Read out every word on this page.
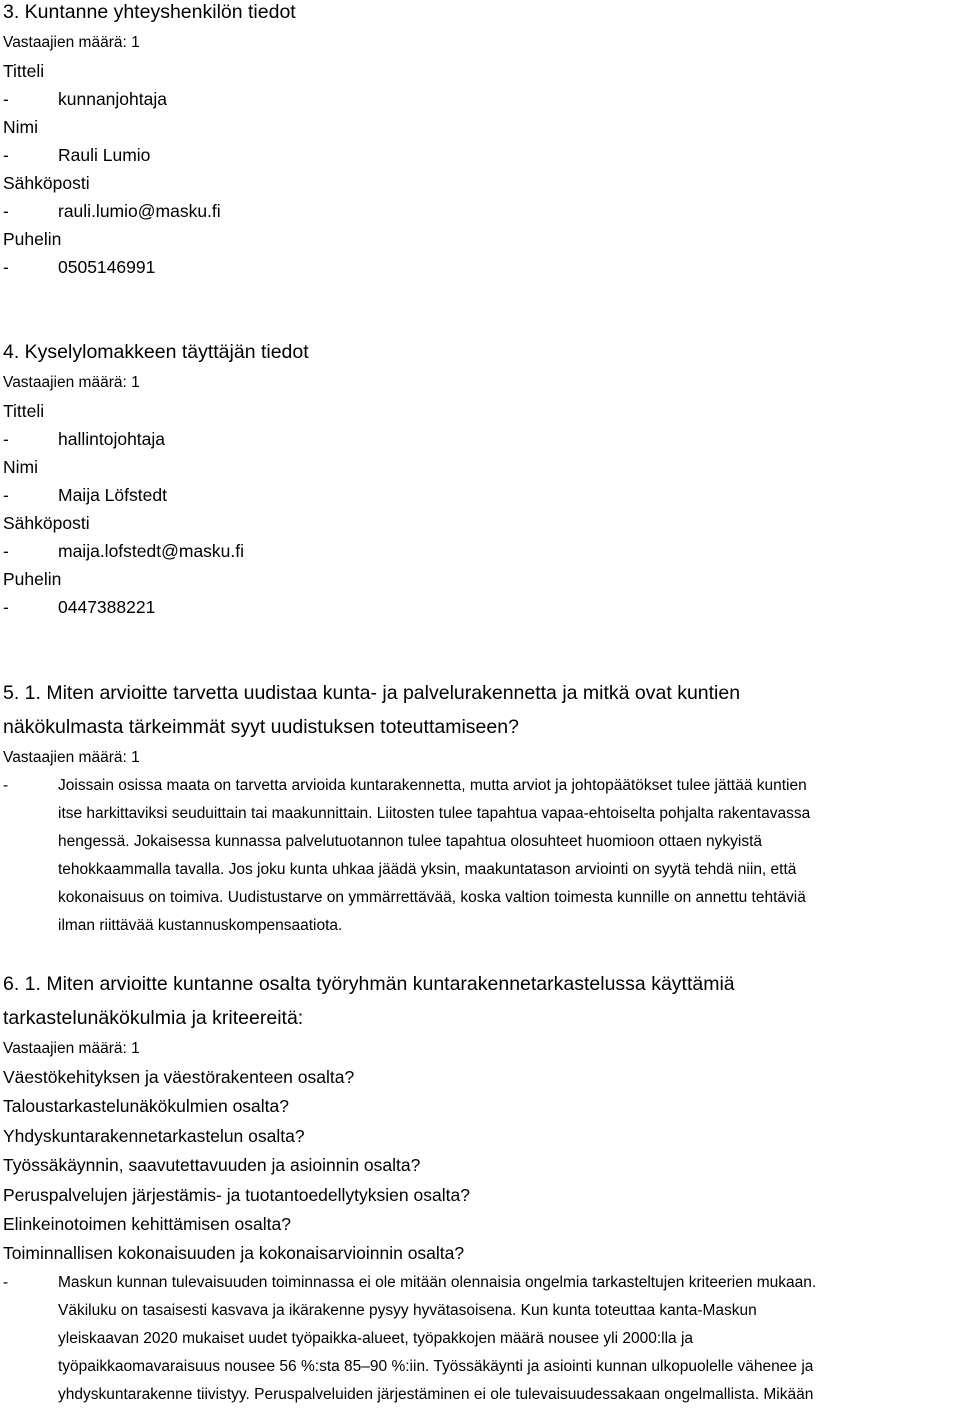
3. Kuntanne yhteyshenkilön tiedot
Vastaajien määrä: 1
Titteli
-	kunnanjohtaja
Nimi
-	Rauli Lumio
Sähköposti
-	rauli.lumio@masku.fi
Puhelin
-	0505146991
4. Kyselylomakkeen täyttäjän tiedot
Vastaajien määrä: 1
Titteli
-	hallintojohtaja
Nimi
-	Maija Löfstedt
Sähköposti
-	maija.lofstedt@masku.fi
Puhelin
-	0447388221
5. 1. Miten arvioitte tarvetta uudistaa kunta- ja palvelurakennetta ja mitkä ovat kuntien
näkökulmasta tärkeimmät syyt uudistuksen toteuttamiseen?
Vastaajien määrä: 1
-	Joissain osissa maata on tarvetta arvioida kuntarakennetta, mutta arviot ja johtopäätökset tulee jättää kuntien
itse harkittaviksi seuduittain tai maakunnittain. Liitosten tulee tapahtua vapaa-ehtoiselta pohjalta rakentavassa
hengessä. Jokaisessa kunnassa palvelutuotannon tulee tapahtua olosuhteet huomioon ottaen nykyistä
tehokkaammalla tavalla. Jos joku kunta uhkaa jäädä yksin, maakuntatason arviointi on syytä tehdä niin, että
kokonaisuus on toimiva. Uudistustarve on ymmärrettävää, koska valtion toimesta kunnille on annettu tehtäviä
ilman riittävää kustannuskompensaatiota.
6. 1. Miten arvioitte kuntanne osalta työryhmän kuntarakennetarkastelussa käyttämiä
tarkastelunäkökulmia ja kriteereitä:
Vastaajien määrä: 1
Väestökehityksen ja väestörakenteen osalta?
Taloustarkastelunäkökulmien osalta?
Yhdyskuntarakennetarkastelun osalta?
Työssäkäynnin, saavutettavuuden ja asioinnin osalta?
Peruspalvelujen järjestämis- ja tuotantoedellytyksien osalta?
Elinkeinotoimen kehittämisen osalta?
Toiminnallisen kokonaisuuden ja kokonaisarvioinnin osalta?
-	Maskun kunnan tulevaisuuden toiminnassa ei ole mitään olennaisia ongelmia tarkasteltujen kriteerien mukaan.
Väkiluku on tasaisesti kasvava ja ikärakenne pysyy hyvätasoisena. Kun kunta toteuttaa kanta-Maskun
yleiskaavan 2020 mukaiset uudet työpaikka-alueet, työpakkojen määrä nousee yli 2000:lla ja
työpaikkaomavaraisuus nousee 56 %:sta 85–90 %:iin. Työssäkäynti ja asiointi kunnan ulkopuolelle vähenee ja
yhdyskuntarakenne tiivistyy. Peruspalveluiden järjestäminen ei ole tulevaisuudessakaan ongelmallista. Mikään
